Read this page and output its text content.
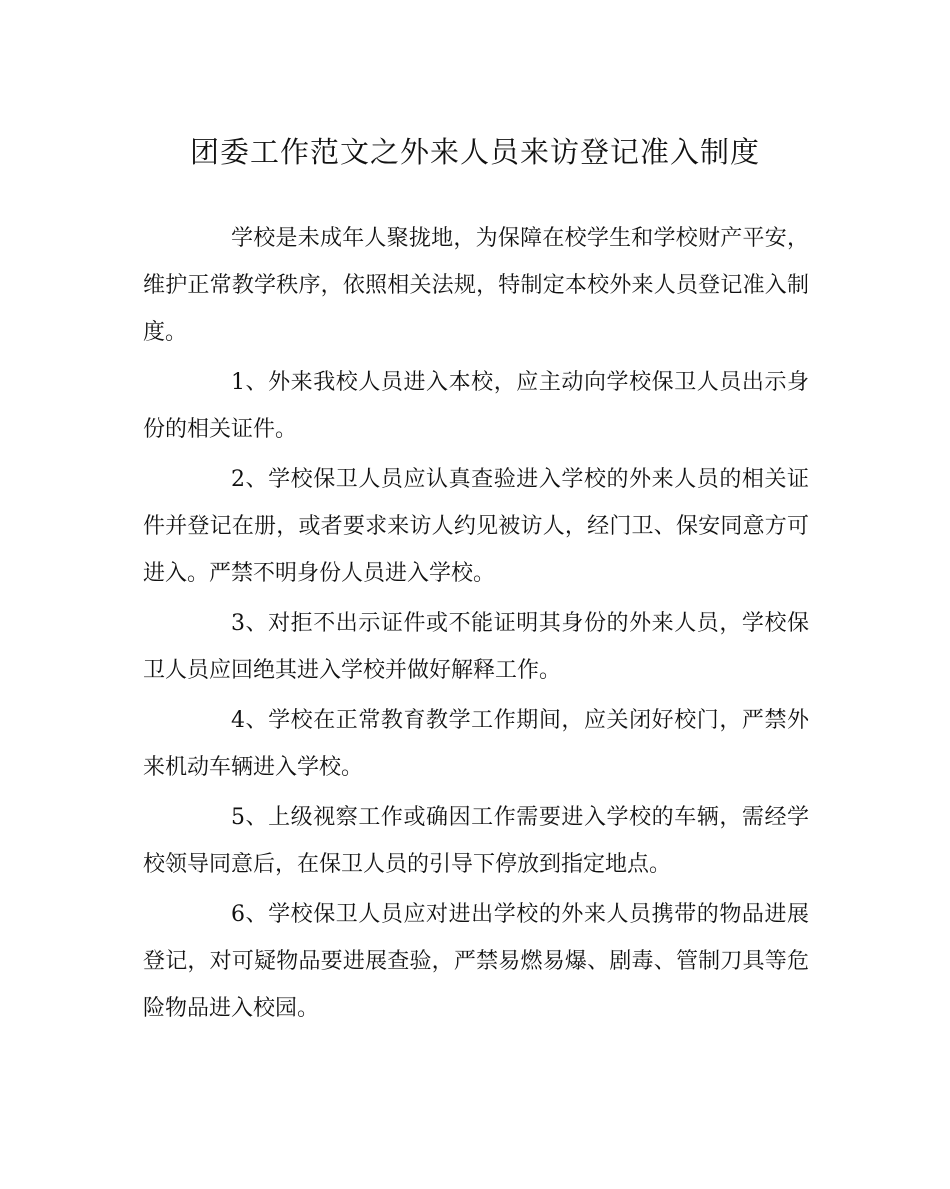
团委工作范文之外来人员来访登记准入制度

学校是未成年人聚拢地，为保障在校学生和学校财产平安，维护正常教学秩序，依照相关法规，特制定本校外来人员登记准入制度。

1、外来我校人员进入本校，应主动向学校保卫人员出示身份的相关证件。

2、学校保卫人员应认真查验进入学校的外来人员的相关证件并登记在册，或者要求来访人约见被访人，经门卫、保安同意方可进入。严禁不明身份人员进入学校。

3、对拒不出示证件或不能证明其身份的外来人员，学校保卫人员应回绝其进入学校并做好解释工作。

4、学校在正常教育教学工作期间，应关闭好校门，严禁外来机动车辆进入学校。

5、上级视察工作或确因工作需要进入学校的车辆，需经学校领导同意后，在保卫人员的引导下停放到指定地点。

6、学校保卫人员应对进出学校的外来人员携带的物品进展登记，对可疑物品要进展查验，严禁易燃易爆、剧毒、管制刀具等危险物品进入校园。
